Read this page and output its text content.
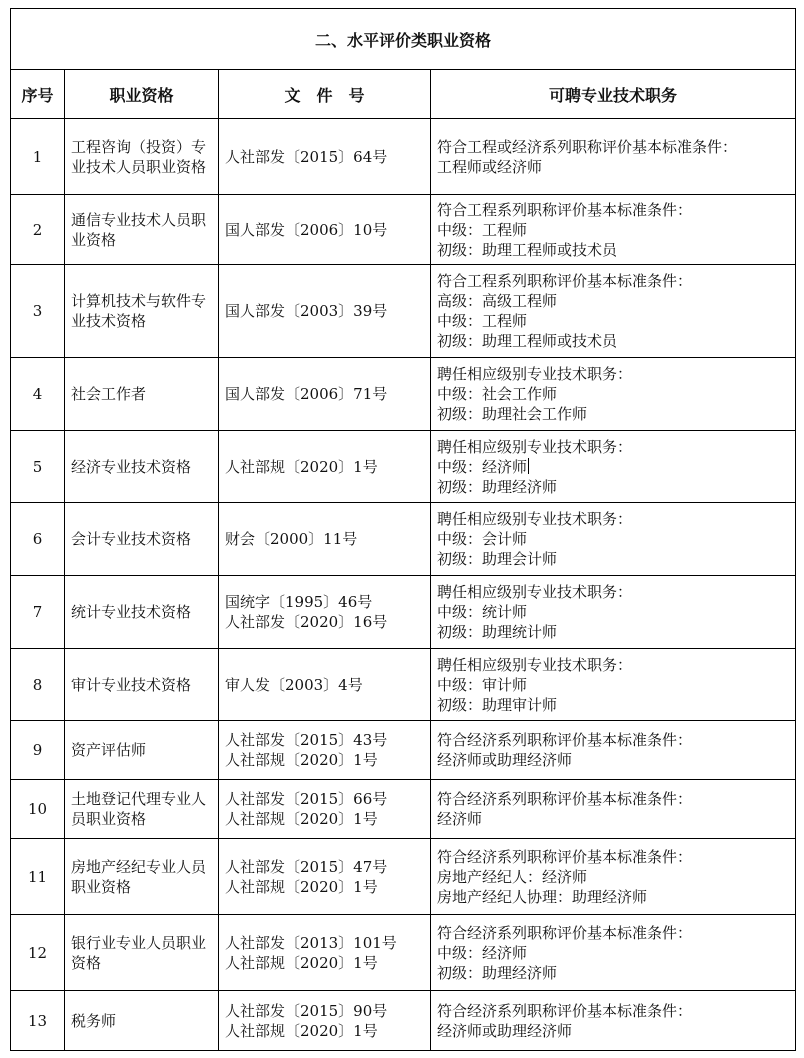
二、水平评价类职业资格			
序号	职业资格	文　件　号	可聘专业技术职务
1	工程咨询（投资）专业技术人员职业资格	人社部发〔2015〕64号	符合工程或经济系列职称评价基本标准条件：
工程师或经济师

2	通信专业技术人员职业资格	国人部发〔2006〕10号	符合工程系列职称评价基本标准条件：
中级：工程师
初级：助理工程师或技术员

3	计算机技术与软件专业技术资格	国人部发〔2003〕39号	符合工程系列职称评价基本标准条件：
高级：高级工程师
中级：工程师
初级：助理工程师或技术员

4	社会工作者	国人部发〔2006〕71号	聘任相应级别专业技术职务：
中级：社会工作师
初级：助理社会工作师

5	经济专业技术资格	人社部规〔2020〕1号	聘任相应级别专业技术职务：
中级：经济师
初级：助理经济师

6	会计专业技术资格	财会〔2000〕11号	聘任相应级别专业技术职务：
中级：会计师
初级：助理会计师

7	统计专业技术资格	国统字〔1995〕46号
人社部发〔2020〕16号	聘任相应级别专业技术职务：
中级：统计师
初级：助理统计师

8	审计专业技术资格	审人发〔2003〕4号	聘任相应级别专业技术职务：
中级：审计师
初级：助理审计师

9	资产评估师	人社部发〔2015〕43号
人社部规〔2020〕1号	符合经济系列职称评价基本标准条件：
经济师或助理经济师

10	土地登记代理专业人员职业资格	人社部发〔2015〕66号
人社部规〔2020〕1号	符合经济系列职称评价基本标准条件：
经济师

11	房地产经纪专业人员职业资格	人社部发〔2015〕47号
人社部规〔2020〕1号	符合经济系列职称评价基本标准条件：
房地产经纪人：经济师
房地产经纪人协理：助理经济师

12	银行业专业人员职业资格	人社部发〔2013〕101号
人社部规〔2020〕1号	符合经济系列职称评价基本标准条件：
中级：经济师
初级：助理经济师

13	税务师	人社部发〔2015〕90号
人社部规〔2020〕1号	符合经济系列职称评价基本标准条件：
经济师或助理经济师
